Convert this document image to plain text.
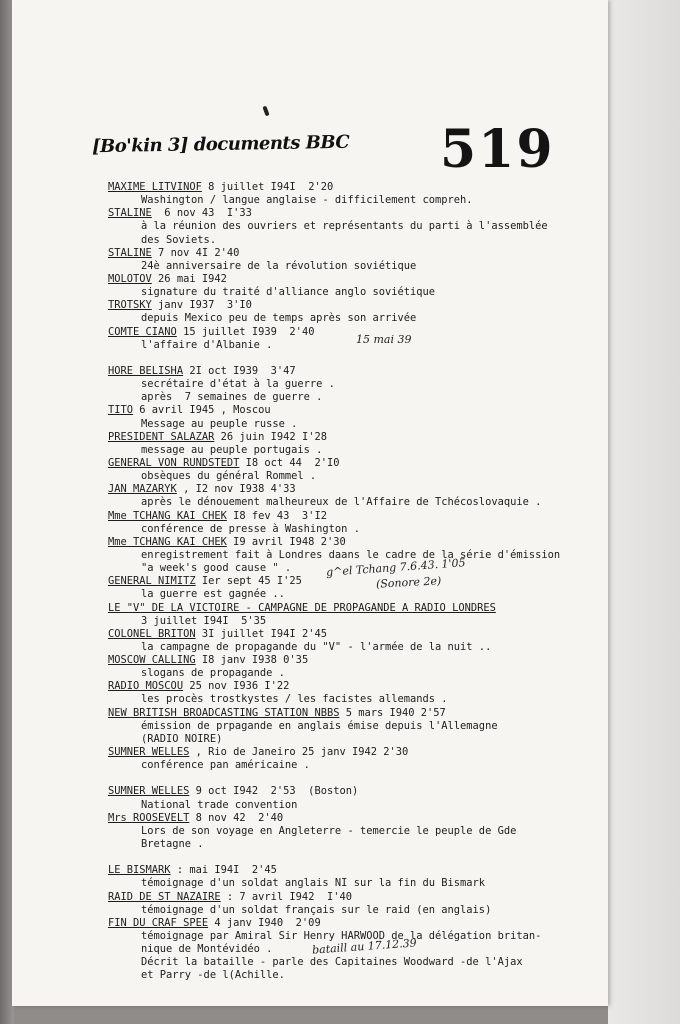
[Bo'kin 3] documents BBC 519
MAXIME LITVINOF 8 juillet I94I  2'20
Washington / langue anglaise - difficilement compreh.
STALINE  6 nov 43  I'33
à la réunion des ouvriers et représentants du parti à l'assemblée
des Soviets.
STALINE 7 nov 4I 2'40
24è anniversaire de la révolution soviétique
MOLOTOV 26 mai I942
signature du traité d'alliance anglo soviétique
TROTSKY janv I937  3'I0
depuis Mexico peu de temps après son arrivée
COMTE CIANO 15 juillet I939  2'40
l'affaire d'Albanie .
HORE BELISHA 2I oct I939  3'47
secrétaire d'état à la guerre .
après  7 semaines de guerre .
TITO 6 avril I945 , Moscou
Message au peuple russe .
PRESIDENT SALAZAR 26 juin I942 I'28
message au peuple portugais .
GENERAL VON RUNDSTEDT I8 oct 44  2'I0
obsèques du général Rommel .
JAN MAZARYK , I2 nov I938 4'33
après le dénouement malheureux de l'Affaire de Tchécoslovaquie .
Mme TCHANG KAI CHEK I8 fev 43  3'I2
conférence de presse à Washington .
Mme TCHANG KAI CHEK I9 avril I948 2'30
enregistrement fait à Londres daans le cadre de la série d'émission
"a week's good cause " .
GENERAL NIMITZ Ier sept 45 I'25
la guerre est gagnée ..
LE "V" DE LA VICTOIRE - CAMPAGNE DE PROPAGANDE A RADIO LONDRES
3 juillet I94I  5'35
COLONEL BRITON 3I juillet I94I 2'45
la campagne de propagande du "V" - l'armée de la nuit ..
MOSCOW CALLING I8 janv I938 0'35
slogans de propagande .
RADIO MOSCOU 25 nov I936 I'22
les procès trostkystes / les facistes allemands .
NEW BRITISH BROADCASTING STATION NBBS 5 mars I940 2'57
émission de prpagande en anglais émise depuis l'Allemagne
(RADIO NOIRE)
SUMNER WELLES , Rio de Janeiro 25 janv I942 2'30
conférence pan américaine .
SUMNER WELLES 9 oct I942  2'53  (Boston)
National trade convention
Mrs ROOSEVELT 8 nov 42  2'40
Lors de son voyage en Angleterre - temercie le peuple de Gde
Bretagne .
LE BISMARK : mai I94I  2'45
témoignage d'un soldat anglais NI sur la fin du Bismark
RAID DE ST NAZAIRE : 7 avril I942  I'40
témoignage d'un soldat français sur le raid (en anglais)
FIN DU CRAF SPEE 4 janv I940  2'09
témoignage par Amiral Sir Henry HARWOOD de la délégation britan-
nique de Montévidéo .
Décrit la bataille - parle des Capitaines Woodward -de l'Ajax
et Parry -de l(Achille.
15 mai 39
g^el Tchang 7.6.43. 1'05
(Sonore 2e)
bataill au 17.12.39
